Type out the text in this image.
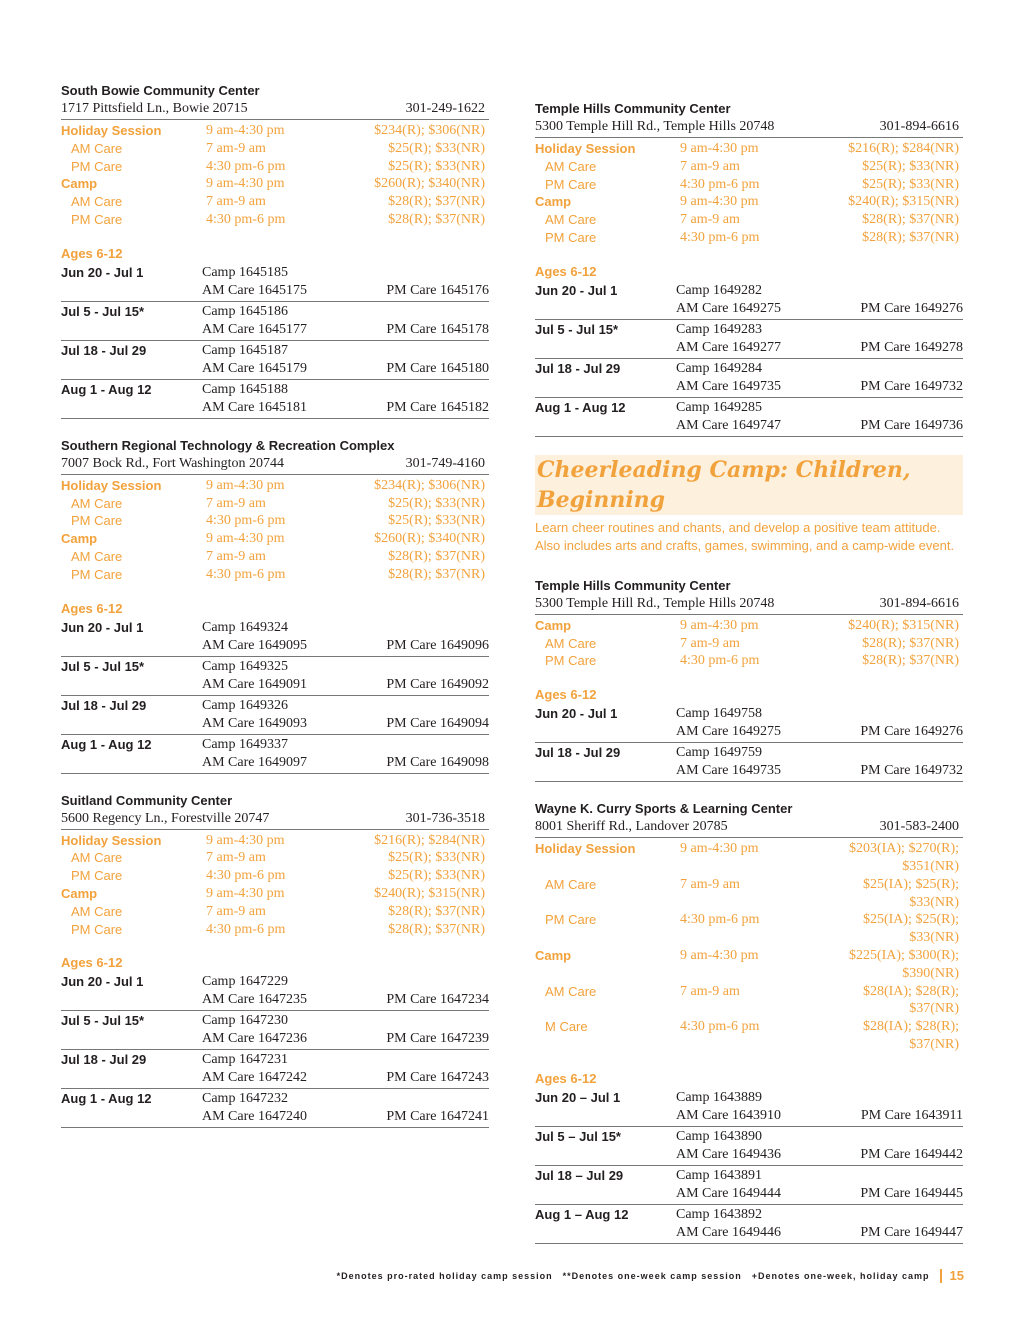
South Bowie Community Center
1717 Pittsfield Ln., Bowie 20715	301-249-1622
Holiday Session	9 am-4:30 pm	$234(R); $306(NR)
AM Care	7 am-9 am	$25(R); $33(NR)
PM Care	4:30 pm-6 pm	$25(R); $33(NR)
Camp	9 am-4:30 pm	$260(R); $340(NR)
AM Care	7 am-9 am	$28(R); $37(NR)
PM Care	4:30 pm-6 pm	$28(R); $37(NR)
Ages 6-12
Jun 20 - Jul 1	Camp 1645185
AM Care 1645175	PM Care 1645176
Jul 5 - Jul 15*	Camp 1645186
AM Care 1645177	PM Care 1645178
Jul 18 - Jul 29	Camp 1645187
AM Care 1645179	PM Care 1645180
Aug 1 - Aug 12	Camp 1645188
AM Care 1645181	PM Care 1645182
Southern Regional Technology & Recreation Complex
7007 Bock Rd., Fort Washington 20744	301-749-4160
Holiday Session	9 am-4:30 pm	$234(R); $306(NR)
AM Care	7 am-9 am	$25(R); $33(NR)
PM Care	4:30 pm-6 pm	$25(R); $33(NR)
Camp	9 am-4:30 pm	$260(R); $340(NR)
AM Care	7 am-9 am	$28(R); $37(NR)
PM Care	4:30 pm-6 pm	$28(R); $37(NR)
Ages 6-12
Jun 20 - Jul 1	Camp 1649324
AM Care 1649095	PM Care 1649096
Jul 5 - Jul 15*	Camp 1649325
AM Care 1649091	PM Care 1649092
Jul 18 - Jul 29	Camp 1649326
AM Care 1649093	PM Care 1649094
Aug 1 - Aug 12	Camp 1649337
AM Care 1649097	PM Care 1649098
Suitland Community Center
5600 Regency Ln., Forestville 20747	301-736-3518
Holiday Session	9 am-4:30 pm	$216(R); $284(NR)
AM Care	7 am-9 am	$25(R); $33(NR)
PM Care	4:30 pm-6 pm	$25(R); $33(NR)
Camp	9 am-4:30 pm	$240(R); $315(NR)
AM Care	7 am-9 am	$28(R); $37(NR)
PM Care	4:30 pm-6 pm	$28(R); $37(NR)
Ages 6-12
Jun 20 - Jul 1	Camp 1647229
AM Care 1647235	PM Care 1647234
Jul 5 - Jul 15*	Camp 1647230
AM Care 1647236	PM Care 1647239
Jul 18 - Jul 29	Camp 1647231
AM Care 1647242	PM Care 1647243
Aug 1 - Aug 12	Camp 1647232
AM Care 1647240	PM Care 1647241
Temple Hills Community Center
5300 Temple Hill Rd., Temple Hills 20748	301-894-6616
Holiday Session	9 am-4:30 pm	$216(R); $284(NR)
AM Care	7 am-9 am	$25(R); $33(NR)
PM Care	4:30 pm-6 pm	$25(R); $33(NR)
Camp	9 am-4:30 pm	$240(R); $315(NR)
AM Care	7 am-9 am	$28(R); $37(NR)
PM Care	4:30 pm-6 pm	$28(R); $37(NR)
Ages 6-12
Jun 20 - Jul 1	Camp 1649282
AM Care 1649275	PM Care 1649276
Jul 5 - Jul 15*	Camp 1649283
AM Care 1649277	PM Care 1649278
Jul 18 - Jul 29	Camp 1649284
AM Care 1649735	PM Care 1649732
Aug 1 - Aug 12	Camp 1649285
AM Care 1649747	PM Care 1649736
Cheerleading Camp: Children, Beginning
Learn cheer routines and chants, and develop a positive team attitude. Also includes arts and crafts, games, swimming, and a camp-wide event.
Temple Hills Community Center
5300 Temple Hill Rd., Temple Hills 20748	301-894-6616
Camp	9 am-4:30 pm	$240(R); $315(NR)
AM Care	7 am-9 am	$28(R); $37(NR)
PM Care	4:30 pm-6 pm	$28(R); $37(NR)
Ages 6-12
Jun 20 - Jul 1	Camp 1649758
AM Care 1649275	PM Care 1649276
Jul 18 - Jul 29	Camp 1649759
AM Care 1649735	PM Care 1649732
Wayne K. Curry Sports & Learning Center
8001 Sheriff Rd., Landover 20785	301-583-2400
Holiday Session	9 am-4:30 pm	$203(IA); $270(R); $351(NR)
AM Care	7 am-9 am	$25(IA); $25(R); $33(NR)
PM Care	4:30 pm-6 pm	$25(IA); $25(R); $33(NR)
Camp	9 am-4:30 pm	$225(IA); $300(R); $390(NR)
AM Care	7 am-9 am	$28(IA); $28(R); $37(NR)
M Care	4:30 pm-6 pm	$28(IA); $28(R); $37(NR)
Ages 6-12
Jun 20 – Jul 1	Camp 1643889
AM Care 1643910	PM Care 1643911
Jul 5 – Jul 15*	Camp 1643890
AM Care 1649436	PM Care 1649442
Jul 18 – Jul 29	Camp 1643891
AM Care 1649444	PM Care 1649445
Aug 1 – Aug 12	Camp 1643892
AM Care 1649446	PM Care 1649447
*Denotes pro-rated holiday camp session **Denotes one-week camp session +Denotes one-week, holiday camp 15
